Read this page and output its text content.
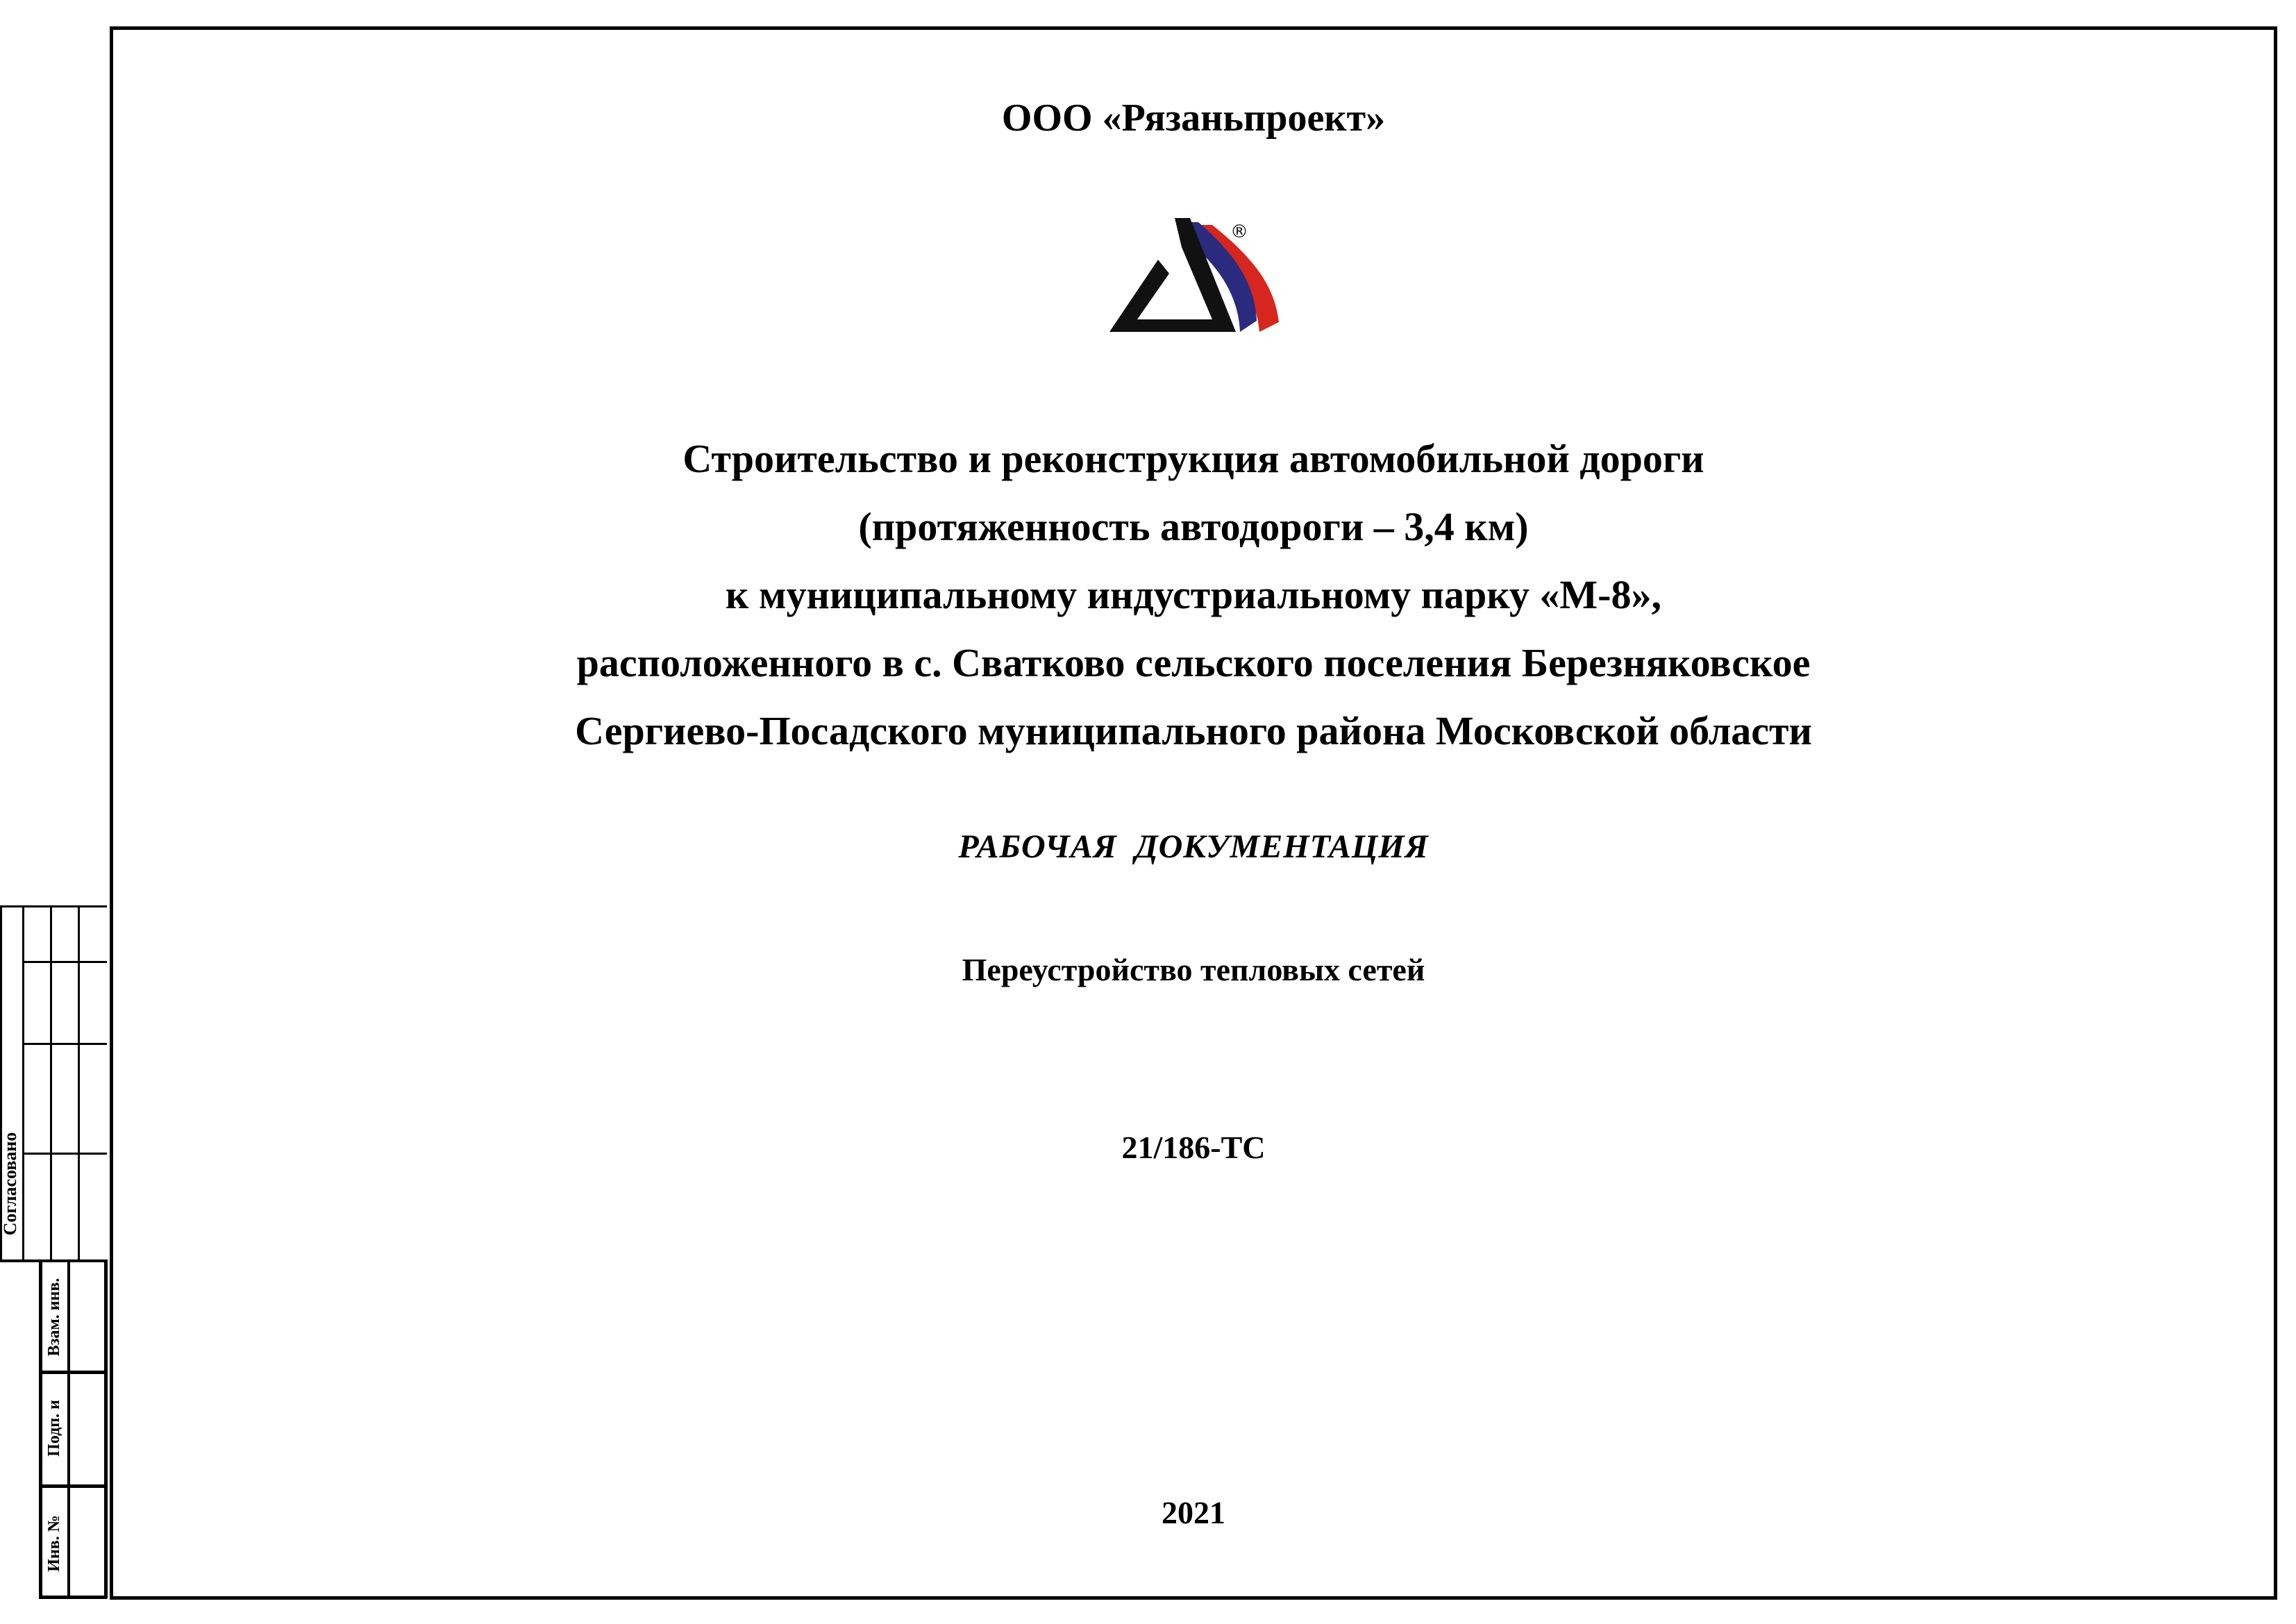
ООО «Рязаньпроект»
®
Строительство и реконструкция автомобильной дороги
(протяженность автодороги – 3,4 км)
к муниципальному индустриальному парку «М-8»,
расположенного в с. Сватково сельского поселения Березняковское
Сергиево-Посадского муниципального района Московской области
РАБОЧАЯ  ДОКУМЕНТАЦИЯ
Переустройство тепловых сетей
21/186-ТС
2021
Согласовано
Взам. инв.
Подп. и
Инв. №
